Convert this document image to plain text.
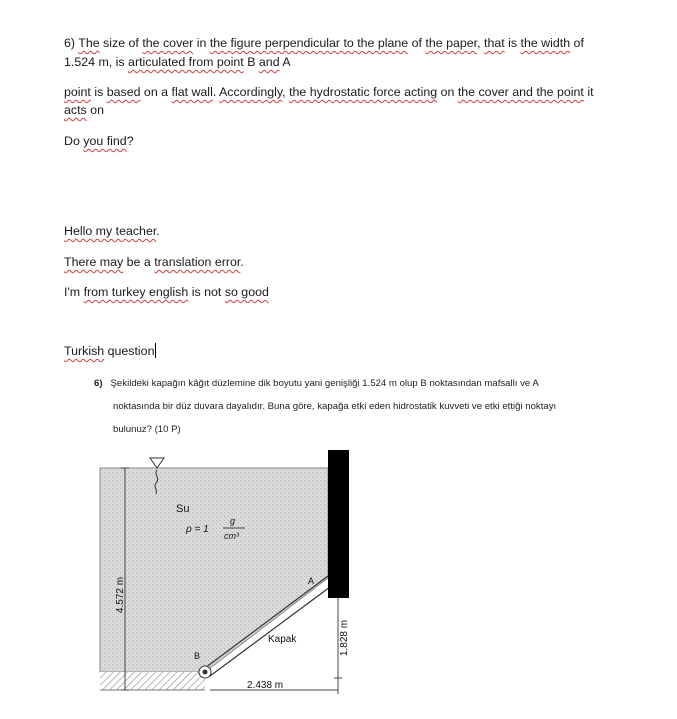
6) The size of the cover in the figure perpendicular to the plane of the paper, that is the width of
1.524 m, is articulated from point B and A
point is based on a flat wall. Accordingly, the hydrostatic force acting on the cover and the point it
acts on
Do you find?
Hello my teacher.
There may be a translation error.
I'm from turkey english is not so good
Turkish question
6) Şekildeki kapağın kâğıt düzlemine dik boyutu yani genişliği 1.524 m olup B noktasından mafsallı ve A
noktasında bir düz duvara dayalıdır. Buna göre, kapağa etki eden hidrostatik kuvveti ve etki ettiği noktayı
bulunuz? (10 P)
4.572 m
Su
ρ = 1
g
cm³
Kapak
B
A
1.828 m
2.438 m
